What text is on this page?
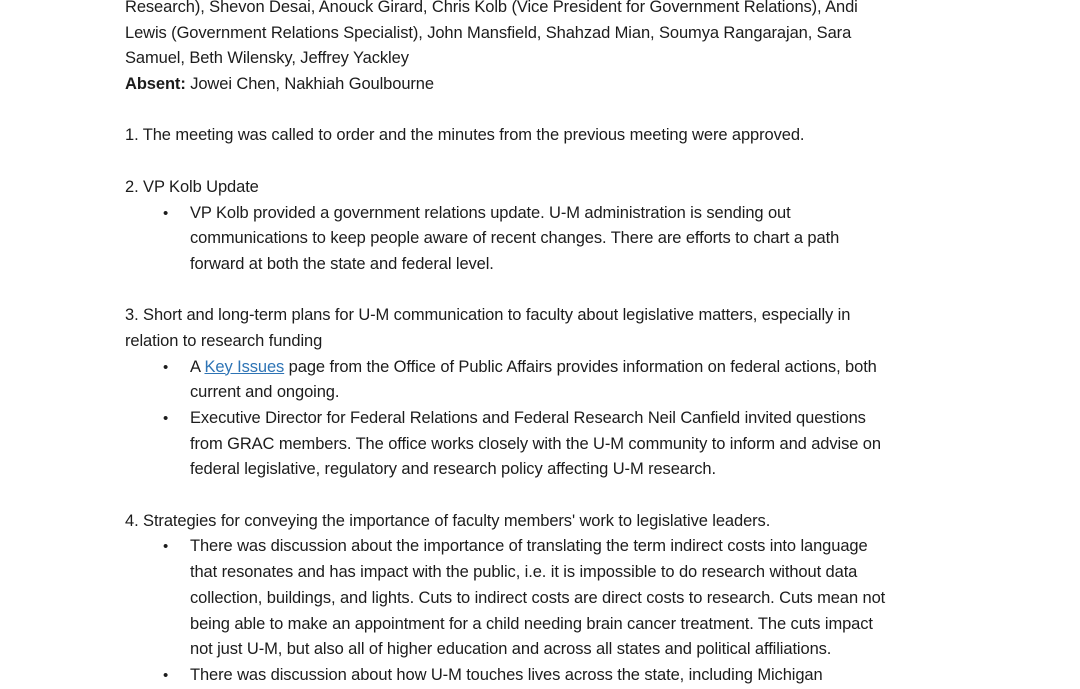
Research), Shevon Desai, Anouck Girard, Chris Kolb (Vice President for Government Relations), Andi
Lewis (Government Relations Specialist), John Mansfield, Shahzad Mian, Soumya Rangarajan, Sara
Samuel, Beth Wilensky, Jeffrey Yackley
Absent: Jowei Chen, Nakhiah Goulbourne
1. The meeting was called to order and the minutes from the previous meeting were approved.
2. VP Kolb Update
• VP Kolb provided a government relations update. U-M administration is sending out
communications to keep people aware of recent changes. There are efforts to chart a path
forward at both the state and federal level.
3. Short and long-term plans for U-M communication to faculty about legislative matters, especially in
relation to research funding
• A Key Issues page from the Office of Public Affairs provides information on federal actions, both
current and ongoing.
• Executive Director for Federal Relations and Federal Research Neil Canfield invited questions
from GRAC members. The office works closely with the U-M community to inform and advise on
federal legislative, regulatory and research policy affecting U-M research.
4. Strategies for conveying the importance of faculty members' work to legislative leaders.
• There was discussion about the importance of translating the term indirect costs into language
that resonates and has impact with the public, i.e. it is impossible to do research without data
collection, buildings, and lights. Cuts to indirect costs are direct costs to research. Cuts mean not
being able to make an appointment for a child needing brain cancer treatment. The cuts impact
not just U-M, but also all of higher education and across all states and political affiliations.
• There was discussion about how U-M touches lives across the state, including Michigan
